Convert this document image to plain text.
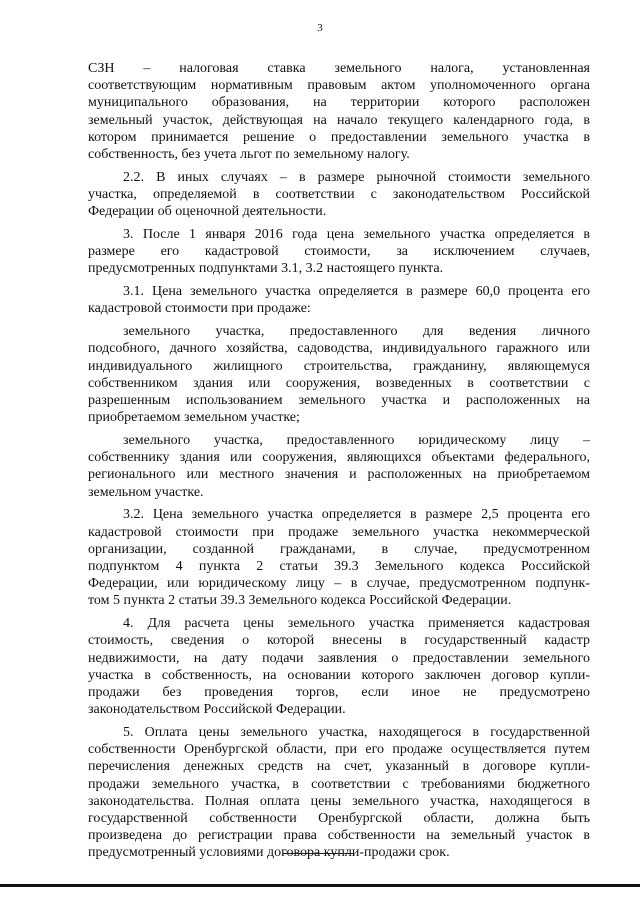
3
СЗН – налоговая ставка земельного налога, установленная
соответствующим нормативным правовым актом уполномоченного органа
муниципального образования, на территории которого расположен
земельный участок, действующая на начало текущего календарного года, в
котором принимается решение о предоставлении земельного участка в
собственность, без учета льгот по земельному налогу.
2.2. В иных случаях – в размере рыночной стоимости земельного
участка, определяемой в соответствии с законодательством Российской
Федерации об оценочной деятельности.
3. После 1 января 2016 года цена земельного участка определяется в
размере его кадастровой стоимости, за исключением случаев,
предусмотренных подпунктами 3.1, 3.2 настоящего пункта.
3.1. Цена земельного участка определяется в размере 60,0 процента его
кадастровой стоимости при продаже:
земельного участка, предоставленного для ведения личного
подсобного, дачного хозяйства, садоводства, индивидуального гаражного или
индивидуального жилищного строительства, гражданину, являющемуся
собственником здания или сооружения, возведенных в соответствии с
разрешенным использованием земельного участка и расположенных на
приобретаемом земельном участке;
земельного участка, предоставленного юридическому лицу –
собственнику здания или сооружения, являющихся объектами федерального,
регионального или местного значения и расположенных на приобретаемом
земельном участке.
3.2. Цена земельного участка определяется в размере 2,5 процента его
кадастровой стоимости при продаже земельного участка некоммерческой
организации, созданной гражданами, в случае, предусмотренном
подпунктом 4 пункта 2 статьи 39.3 Земельного кодекса Российской
Федерации, или юридическому лицу – в случае, предусмотренном подпунк-
том 5 пункта 2 статьи 39.3 Земельного кодекса Российской Федерации.
4. Для расчета цены земельного участка применяется кадастровая
стоимость, сведения о которой внесены в государственный кадастр
недвижимости, на дату подачи заявления о предоставлении земельного
участка в собственность, на основании которого заключен договор купли-
продажи без проведения торгов, если иное не предусмотрено
законодательством Российской Федерации.
5. Оплата цены земельного участка, находящегося в государственной
собственности Оренбургской области, при его продаже осуществляется путем
перечисления денежных средств на счет, указанный в договоре купли-
продажи земельного участка, в соответствии с требованиями бюджетного
законодательства. Полная оплата цены земельного участка, находящегося в
государственной собственности Оренбургской области, должна быть
произведена до регистрации права собственности на земельный участок в
предусмотренный условиями договора купли-продажи срок.
